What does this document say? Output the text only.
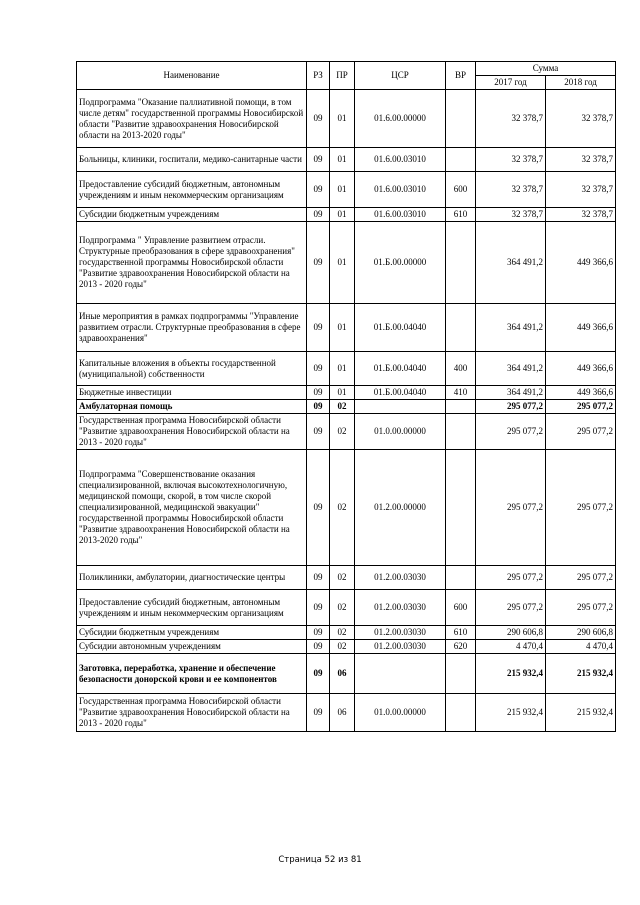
Наименование	РЗ	ПР	ЦСР	ВР	Сумма	
					2017 год	2018 год
Подпрограмма "Оказание паллиативной помощи, в том числе детям" государственной программы Новосибирской области "Развитие здравоохранения Новосибирской области на 2013-2020 годы"	09	01	01.6.00.00000		32 378,7	32 378,7
Больницы, клиники, госпитали, медико-санитарные части	09	01	01.6.00.03010		32 378,7	32 378,7
Предоставление субсидий бюджетным, автономным учреждениям и иным некоммерческим организациям	09	01	01.6.00.03010	600	32 378,7	32 378,7
Субсидии бюджетным учреждениям	09	01	01.6.00.03010	610	32 378,7	32 378,7
Подпрограмма " Управление развитием отрасли. Структурные преобразования в сфере здравоохранения" государственной программы Новосибирской области "Развитие здравоохранения Новосибирской области на 2013 - 2020 годы"	09	01	01.Б.00.00000		364 491,2	449 366,6
Иные мероприятия в рамках подпрограммы "Управление развитием отрасли. Структурные преобразования в сфере здравоохранения"	09	01	01.Б.00.04040		364 491,2	449 366,6
Капитальные вложения в объекты государственной (муниципальной) собственности	09	01	01.Б.00.04040	400	364 491,2	449 366,6
Бюджетные инвестиции	09	01	01.Б.00.04040	410	364 491,2	449 366,6
Амбулаторная помощь	09	02			295 077,2	295 077,2
Государственная программа Новосибирской области "Развитие здравоохранения Новосибирской области на 2013 - 2020 годы"	09	02	01.0.00.00000		295 077,2	295 077,2
Подпрограмма "Совершенствование оказания специализированной, включая высокотехнологичную, медицинской помощи, скорой, в том числе скорой специализированной, медицинской эвакуации" государственной программы Новосибирской области "Развитие здравоохранения Новосибирской области на 2013-2020 годы"	09	02	01.2.00.00000		295 077,2	295 077,2
Поликлиники, амбулатории, диагностические центры	09	02	01.2.00.03030		295 077,2	295 077,2
Предоставление субсидий бюджетным, автономным учреждениям и иным некоммерческим организациям	09	02	01.2.00.03030	600	295 077,2	295 077,2
Субсидии бюджетным учреждениям	09	02	01.2.00.03030	610	290 606,8	290 606,8
Субсидии автономным учреждениям	09	02	01.2.00.03030	620	4 470,4	4 470,4
Заготовка, переработка, хранение и обеспечение безопасности донорской крови и ее компонентов	09	06			215 932,4	215 932,4
Государственная программа Новосибирской области "Развитие здравоохранения Новосибирской области на 2013 - 2020 годы"	09	06	01.0.00.00000		215 932,4	215 932,4
Страница 52 из 81
